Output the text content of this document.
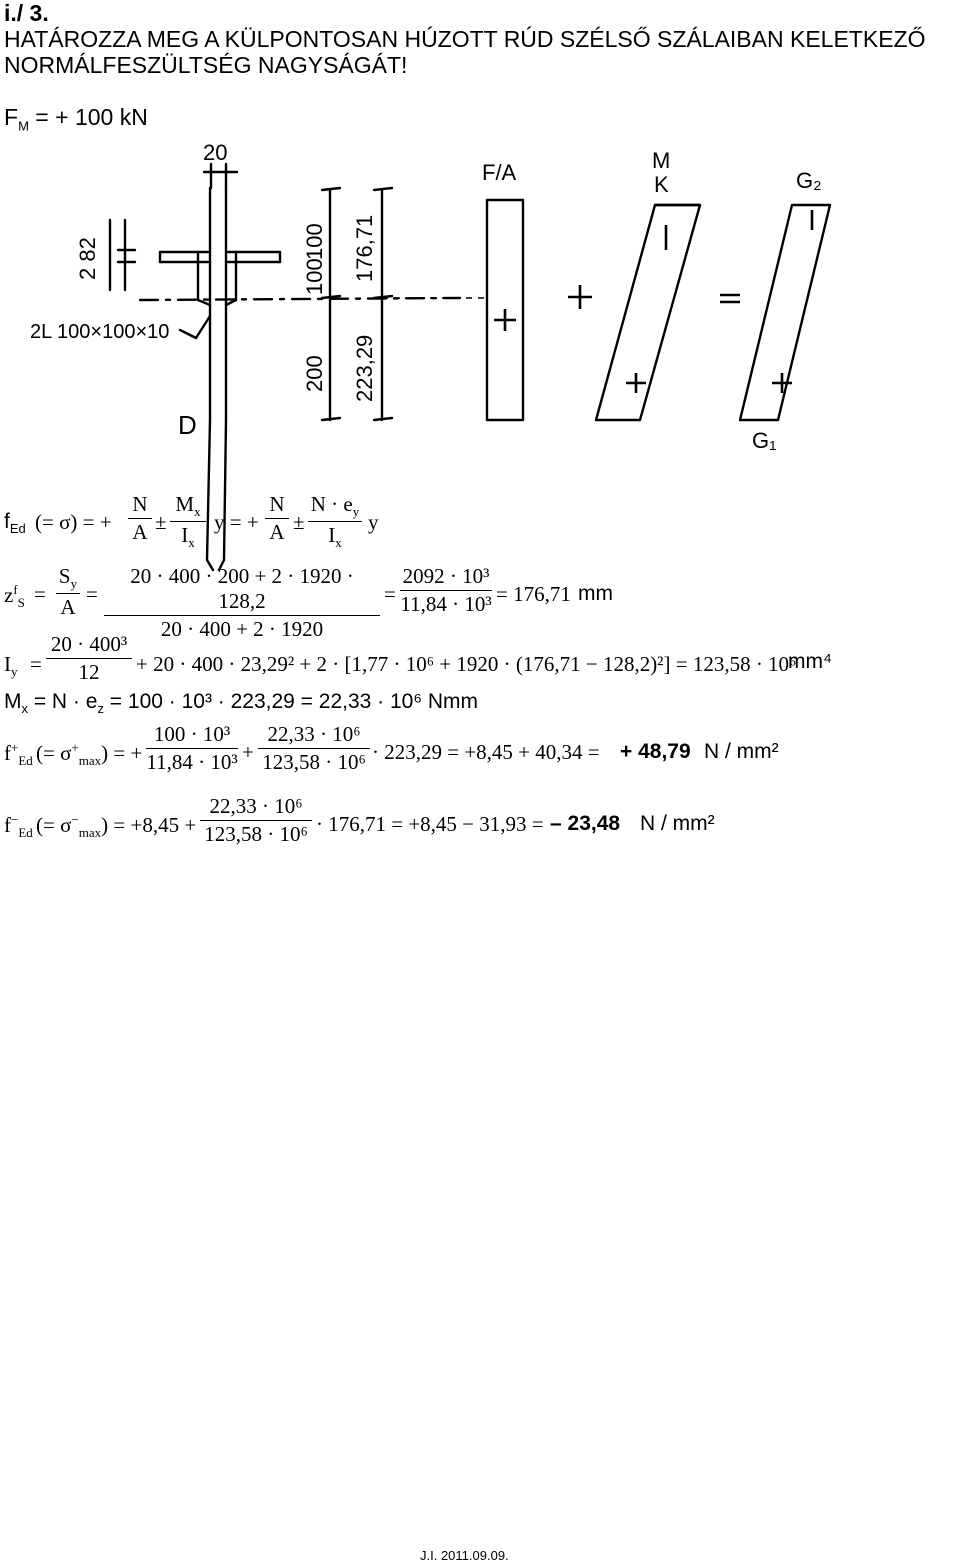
i./ 3.
HATÁROZZA MEG A KÜLPONTOSAN HÚZOTT RÚD SZÉLSŐ SZÁLAIBAN KELETKEZŐ
NORMÁLFESZÜLTSÉG NAGYSÁGÁT!
$F_M$ = + 100 kN
20
2 82
2L 100×100×10
D
100
100
200
176,71
223,29
F/A	M
K	G₂
G₁
$f_{Ed}$ (= σ) = + $\frac{N}{A} \pm \frac{M_x}{I_x}$ y = + $\frac{N}{A} \pm \frac{N \cdot e_y}{I_x}$ y
$z^f_S = \frac{S_y}{A} = \frac{20 \cdot 400 \cdot 200 + 2 \cdot 1920 \cdot 128,2}{20 \cdot 400 + 2 \cdot 1920} = \frac{\text{2092 · 10³}}{\text{11,84 · 10³}} = 176,71$ mm
$I_y = \frac{\text{20 · 400³}}{12} + 20 \cdot 400 \cdot 23,29^2 + 2 \cdot [1,77 \cdot 10^6 + 1920 \cdot (176,71 - 128,2)^2] = 123,58 \cdot 10^6$
mm⁴
$M_x = N \cdot e_z = 100 \cdot 10^3 \cdot 223,29 = 22,33 \cdot 10^6$ Nmm
$f^+_{Ed}$ (= $\sigma^+_{max}$) = + $\frac{\text{100 · 10³}}{\text{11,84 · 10³}} + \frac{\text{22,33 · 10⁶}}{\text{123,58 · 10⁶}} \cdot 223,29 = +8,45 + 40,34$ = + 48,79 N / mm²
$f^-_{Ed}$ (= $\sigma^-_{max}) = +8,45 + \frac{\text{22,33 · 10⁶}}{\text{123,58 · 10⁶}} \cdot 176,71 = +8,45 - 31,93$ = – 23,48 N / mm²
J.I. 2011.09.09.
